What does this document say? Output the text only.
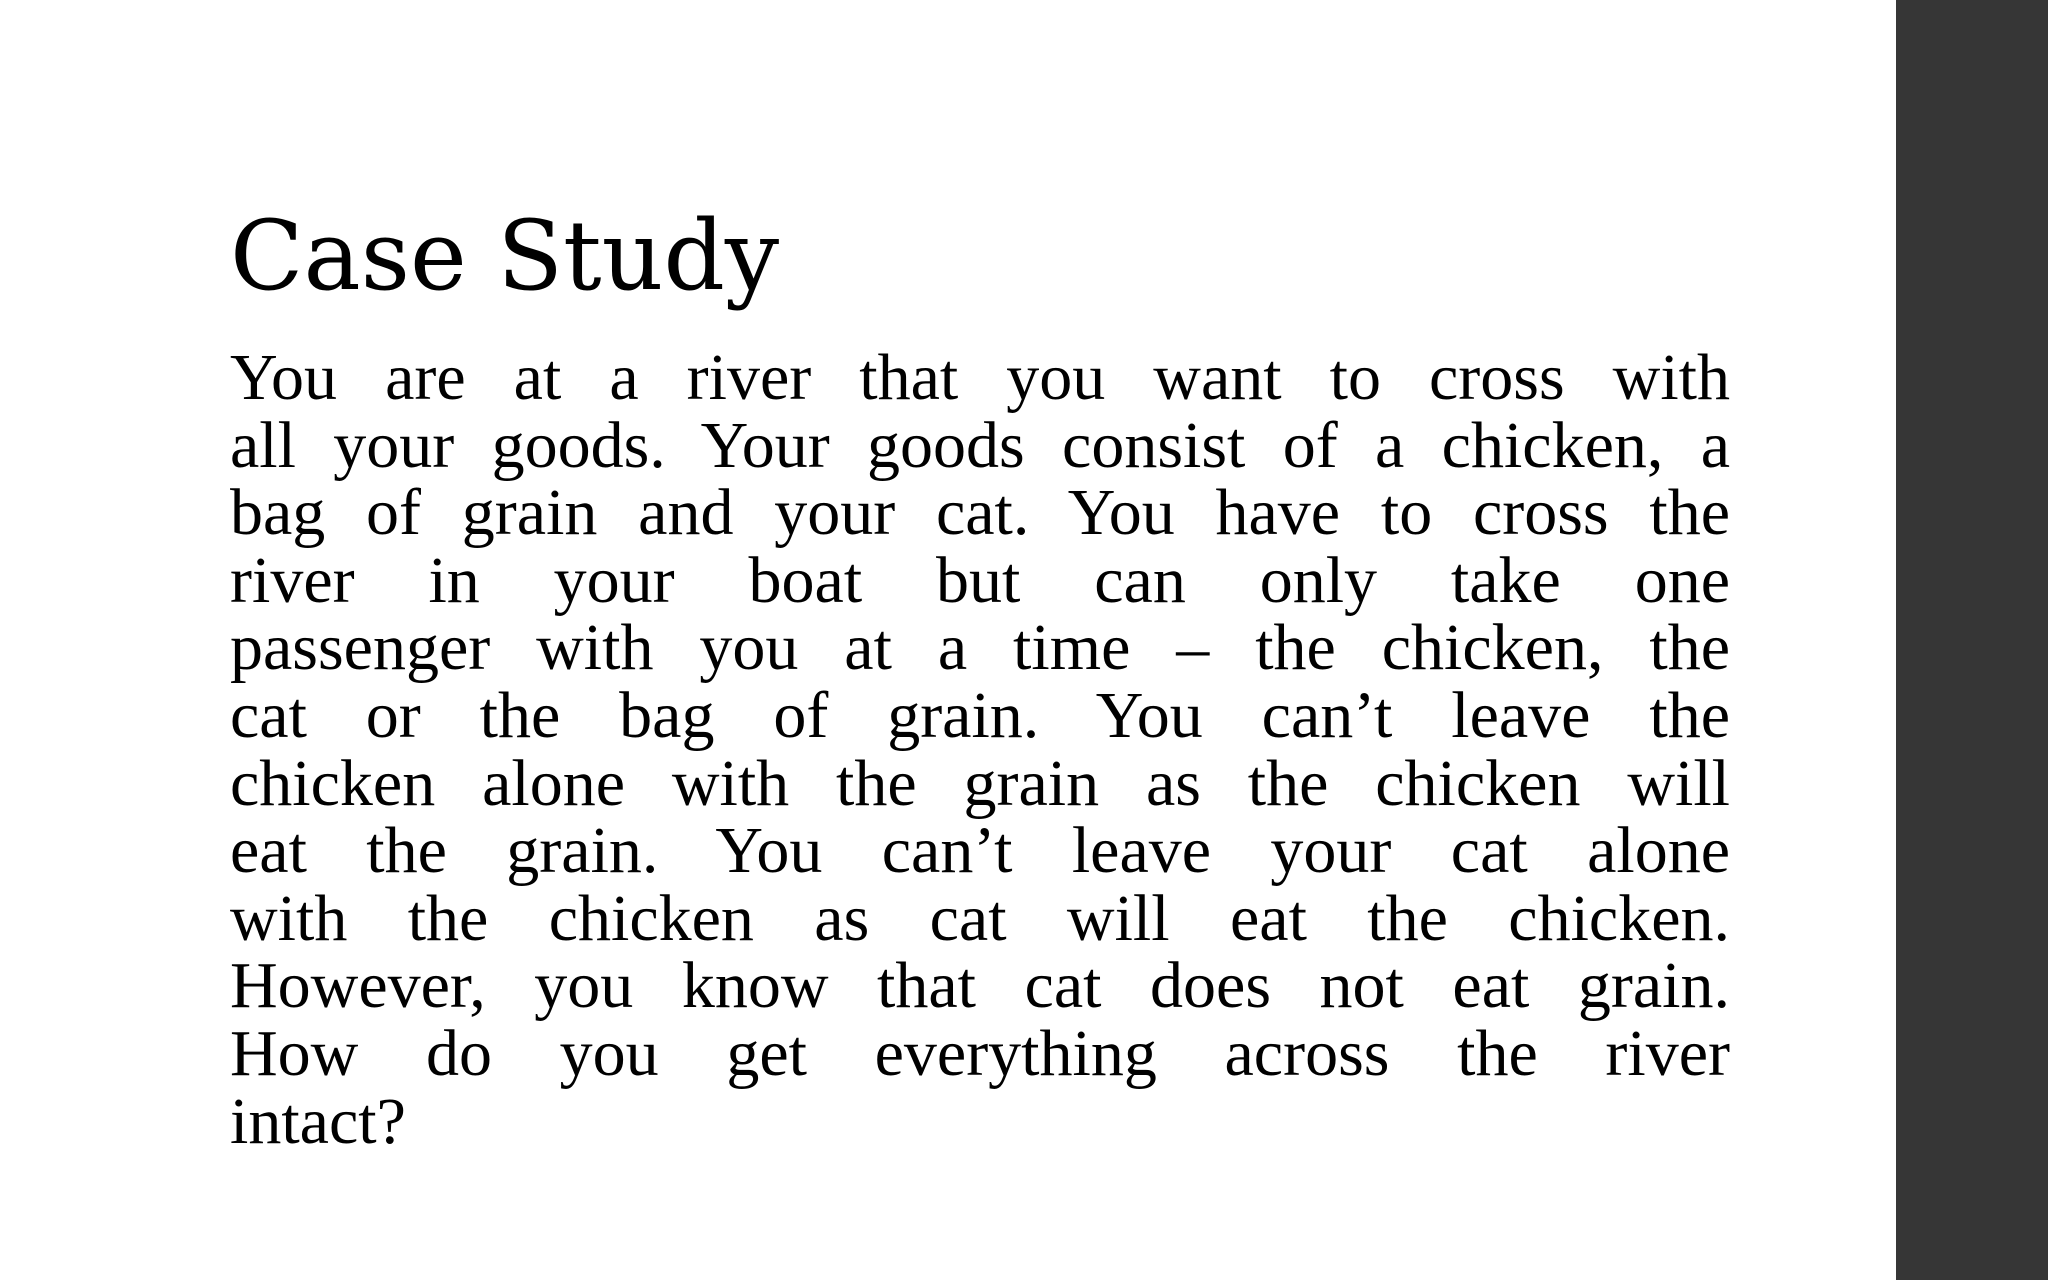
Case Study
You are at a river that you want to cross with
all your goods. Your goods consist of a chicken, a
bag of grain and your cat. You have to cross the
river in your boat but can only take one
passenger with you at a time – the chicken, the
cat or the bag of grain. You can’t leave the
chicken alone with the grain as the chicken will
eat the grain. You can’t leave your cat alone
with the chicken as cat will eat the chicken.
However, you know that cat does not eat grain.
How do you get everything across the river
intact?
